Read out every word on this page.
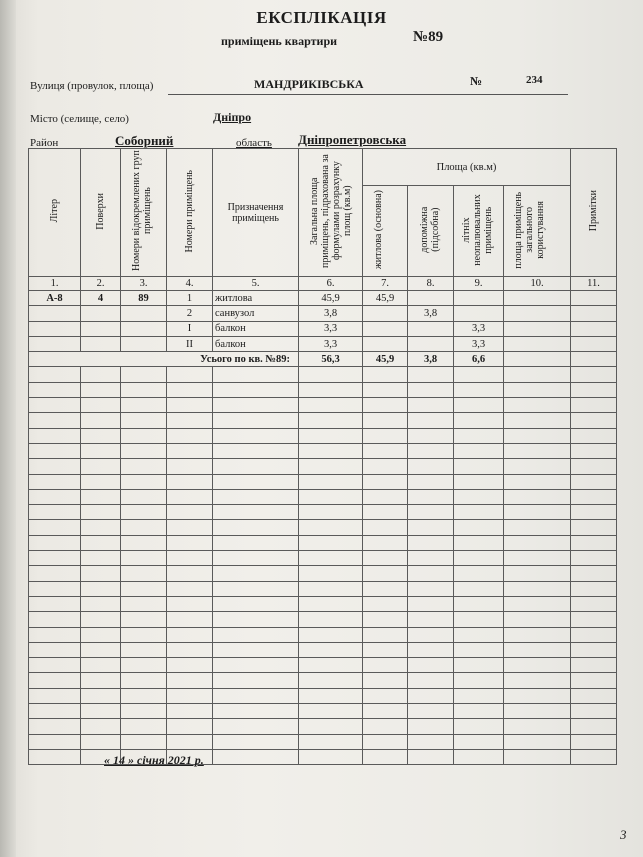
ЕКСПЛІКАЦІЯ
приміщень квартири	№89
Вулиця (провулок, площа)	МАНДРИКІВСЬКА	№	234
Місто (селище, село)	Дніпро
Район	Соборний	область Дніпропетровська
Літер	Поверхи	Номери відокремлених груп приміщень	Номери приміщень	Призначення приміщень	Загальна площа приміщень, підрахована за формулами розрахунку площ (кв.м)	Площа (кв.м)				Примітки
						житлова (основна)	допоміжна (підсобна)	літніх неопалювальних приміщень	площа приміщень загального користування	
1.	2.	3.	4.	5.	6.	7.	8.	9.	10.	11.
А-8	4	89	1	житлова	45,9	45,9				
			2	санвузол	3,8		3,8			
			I	балкон	3,3			3,3		
			II	балкон	3,3			3,3		
Усього по кв. №89:					56,3	45,9	3,8	6,6		

« 14 » січня 2021 р.
3
